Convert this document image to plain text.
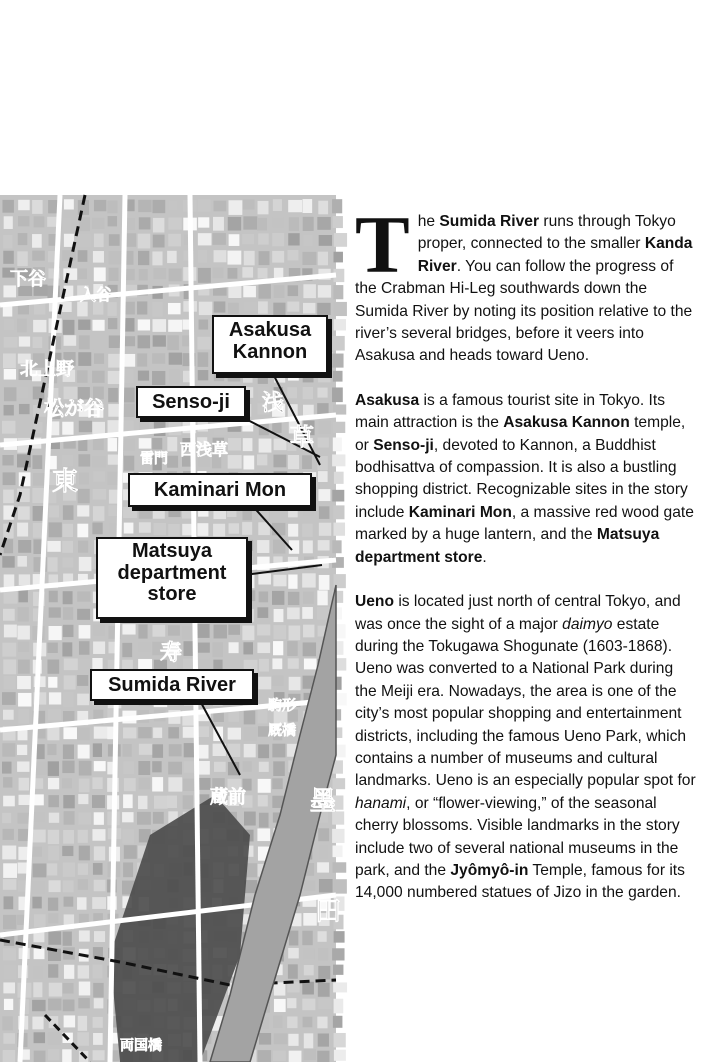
浅
草
東
寿
蔵前 墨
田
松が谷
下谷
北上野
西浅草
入谷
駒形
厩橋
両国橋
雷門
Asakusa
Kannon
Senso-ji
Kaminari Mon
Matsuya
department
store
Sumida River

The Sumida River runs through Tokyo proper, connected to the smaller Kanda River. You can follow the progress of the Crabman Hi-Leg southwards down the Sumida River by noting its position relative to the river’s several bridges, before it veers into Asakusa and heads toward Ueno.

Asakusa is a famous tourist site in Tokyo. Its main attraction is the Asakusa Kannon temple, or Senso-ji, devoted to Kannon, a Buddhist bodhisattva of compassion. It is also a bustling shopping district. Recognizable sites in the story include Kaminari Mon, a massive red wood gate marked by a huge lantern, and the Matsuya department store.

Ueno is located just north of central Tokyo, and was once the sight of a major daimyo estate during the Tokugawa Shogunate (1603-1868). Ueno was converted to a National Park during the Meiji era. Nowadays, the area is one of the city’s most popular shopping and entertainment districts, including the famous Ueno Park, which contains a number of museums and cultural landmarks. Ueno is an especially popular spot for hanami, or “flower-viewing,” of the seasonal cherry blossoms. Visible landmarks in the story include two of several national museums in the park, and the Jyômyô-in Temple, famous for its 14,000 numbered statues of Jizo in the garden.
